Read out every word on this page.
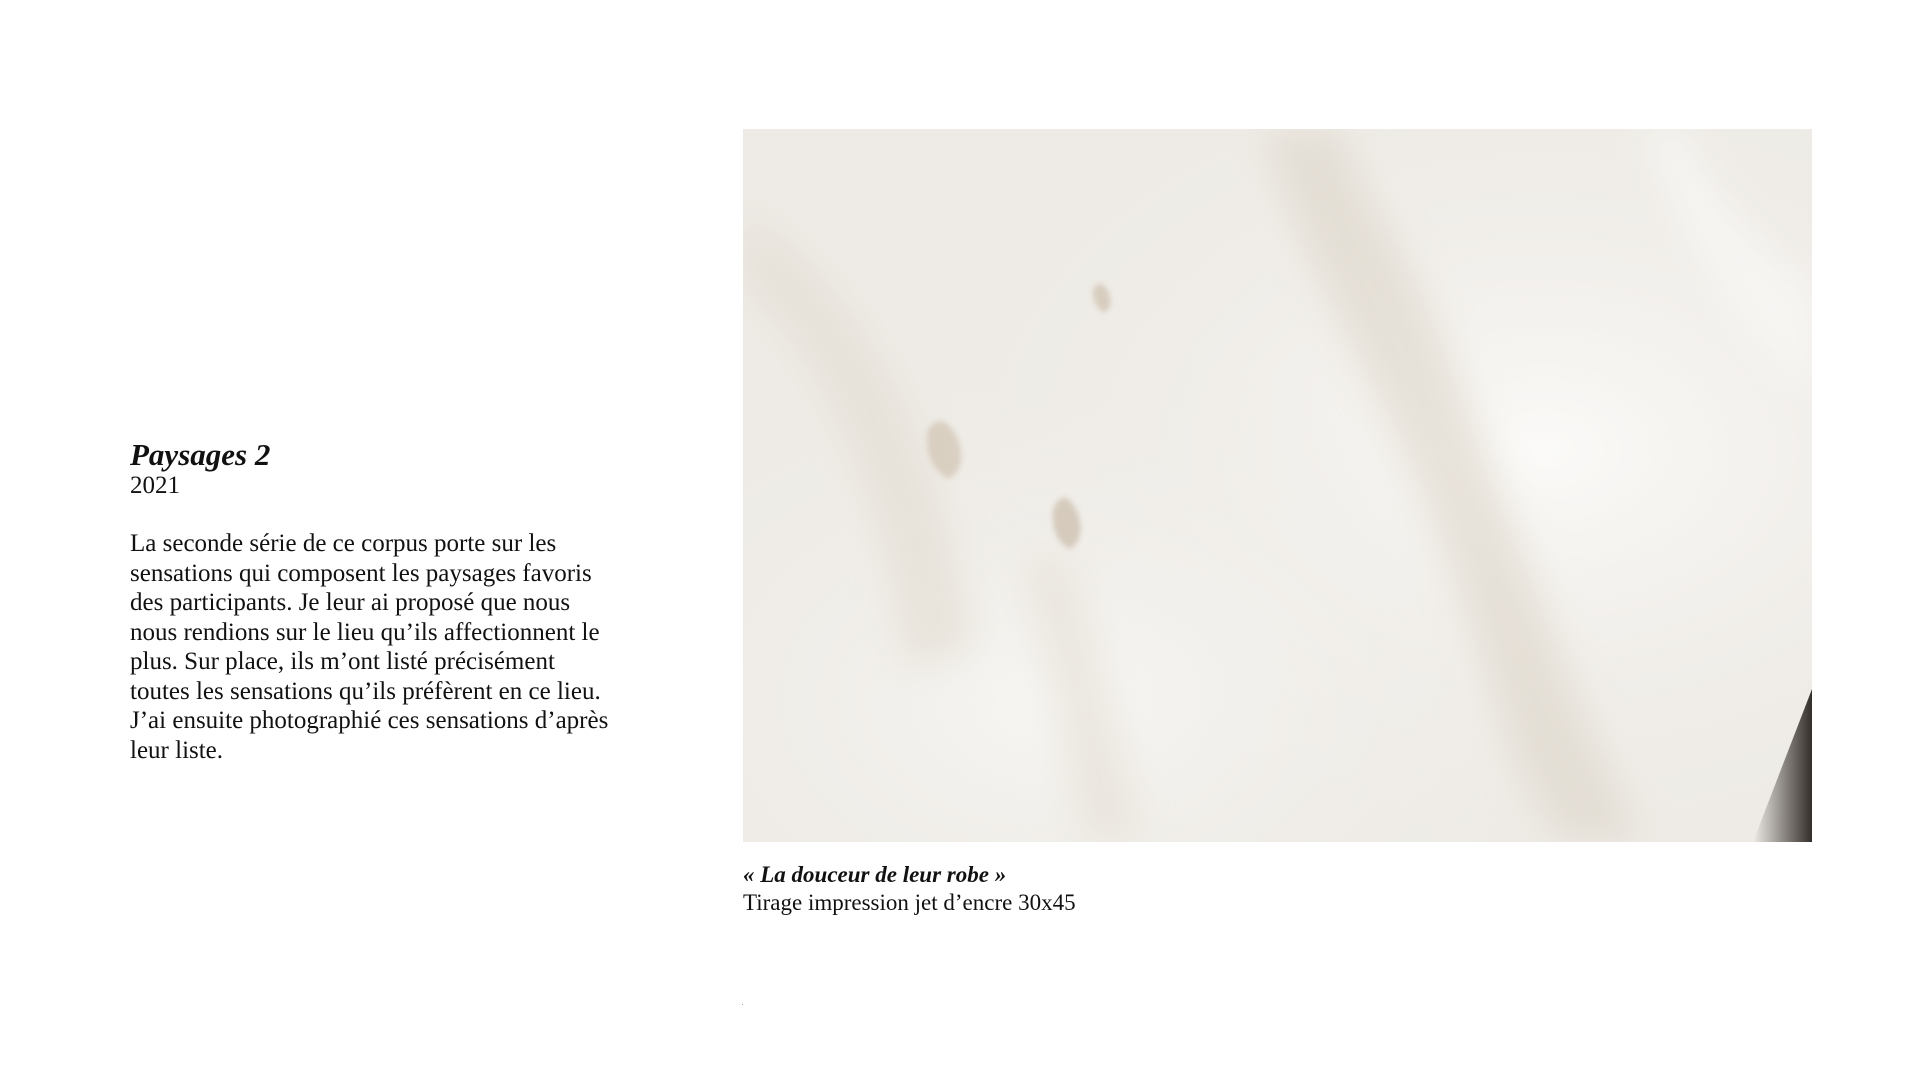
Paysages 2

2021

La seconde série de ce corpus porte sur les
sensations qui composent les paysages favoris
des participants. Je leur ai proposé que nous
nous rendions sur le lieu qu’ils affectionnent le
plus. Sur place, ils m’ont listé précisément
toutes les sensations qu’ils préfèrent en ce lieu.
J’ai ensuite photographié ces sensations d’après
leur liste.

« La douceur de leur robe »

Tirage impression jet d’encre 30x45
